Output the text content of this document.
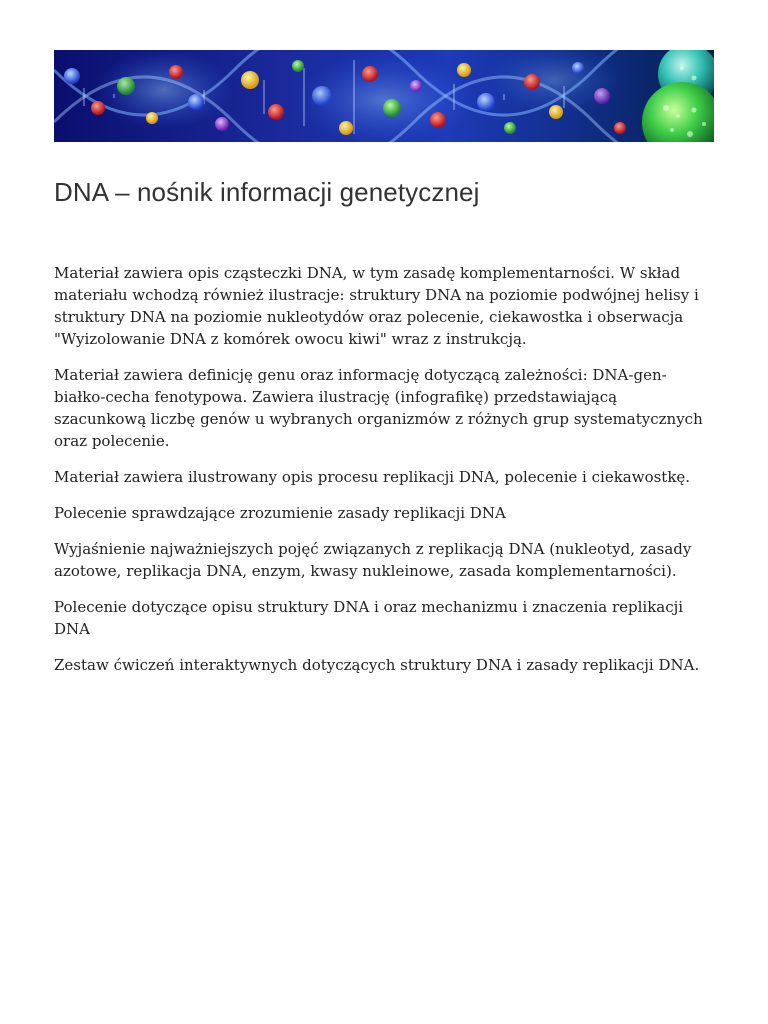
DNA – nośnik informacji genetycznej

Materiał zawiera opis cząsteczki DNA, w tym zasadę komplementarności. W skład materiału wchodzą również ilustracje: struktury DNA na poziomie podwójnej helisy i struktury DNA na poziomie nukleotydów oraz polecenie, ciekawostka i obserwacja "Wyizolowanie DNA z komórek owocu kiwi" wraz z instrukcją.

Materiał zawiera definicję genu oraz informację dotyczącą zależności: DNA-gen-białko-cecha fenotypowa. Zawiera ilustrację (infografikę) przedstawiającą szacunkową liczbę genów u wybranych organizmów z różnych grup systematycznych oraz polecenie.

Materiał zawiera ilustrowany opis procesu replikacji DNA, polecenie i ciekawostkę.

Polecenie sprawdzające zrozumienie zasady replikacji DNA

Wyjaśnienie najważniejszych pojęć związanych z replikacją DNA (nukleotyd, zasady azotowe, replikacja DNA, enzym, kwasy nukleinowe, zasada komplementarności).

Polecenie dotyczące opisu struktury DNA i oraz mechanizmu i znaczenia replikacji DNA

Zestaw ćwiczeń interaktywnych dotyczących struktury DNA i zasady replikacji DNA.
